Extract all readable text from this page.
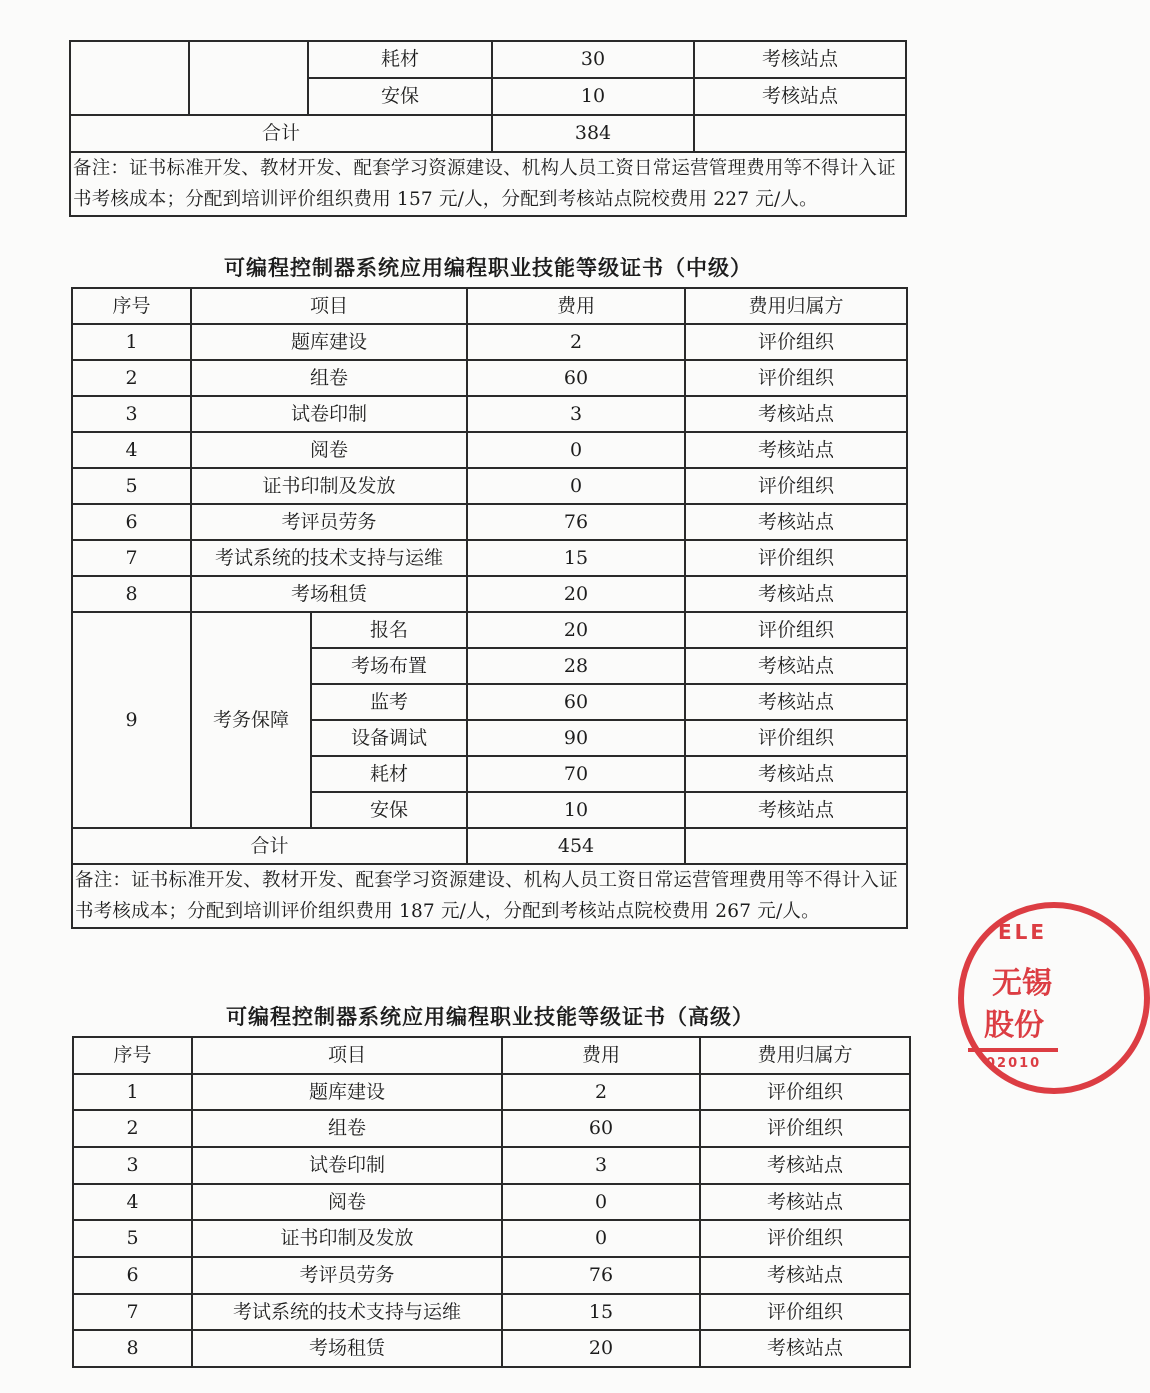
		耗材	30	考核站点
		安保	10	考核站点
合计			384	
备注：证书标准开发、教材开发、配套学习资源建设、机构人员工资日常运营管理费用等不得计入证书考核成本；分配到培训评价组织费用 157 元/人，分配到考核站点院校费用 227 元/人。				
可编程控制器系统应用编程职业技能等级证书（中级）
序号	项目		费用	费用归属方
1	题库建设		2	评价组织
2	组卷		60	评价组织
3	试卷印制		3	考核站点
4	阅卷		0	考核站点
5	证书印制及发放		0	评价组织
6	考评员劳务		76	考核站点
7	考试系统的技术支持与运维		15	评价组织
8	考场租赁		20	考核站点
9	考务保障	报名	20	评价组织
		考场布置	28	考核站点
		监考	60	考核站点
		设备调试	90	评价组织
		耗材	70	考核站点
		安保	10	考核站点
合计			454	
备注：证书标准开发、教材开发、配套学习资源建设、机构人员工资日常运营管理费用等不得计入证书考核成本；分配到培训评价组织费用 187 元/人，分配到考核站点院校费用 267 元/人。				
可编程控制器系统应用编程职业技能等级证书（高级）
序号	项目	费用	费用归属方
1	题库建设	2	评价组织
2	组卷	60	评价组织
3	试卷印制	3	考核站点
4	阅卷	0	考核站点
5	证书印制及发放	0	评价组织
6	考评员劳务	76	考核站点
7	考试系统的技术支持与运维	15	评价组织
8	考场租赁	20	考核站点
ELE
无锡
股份
02010
